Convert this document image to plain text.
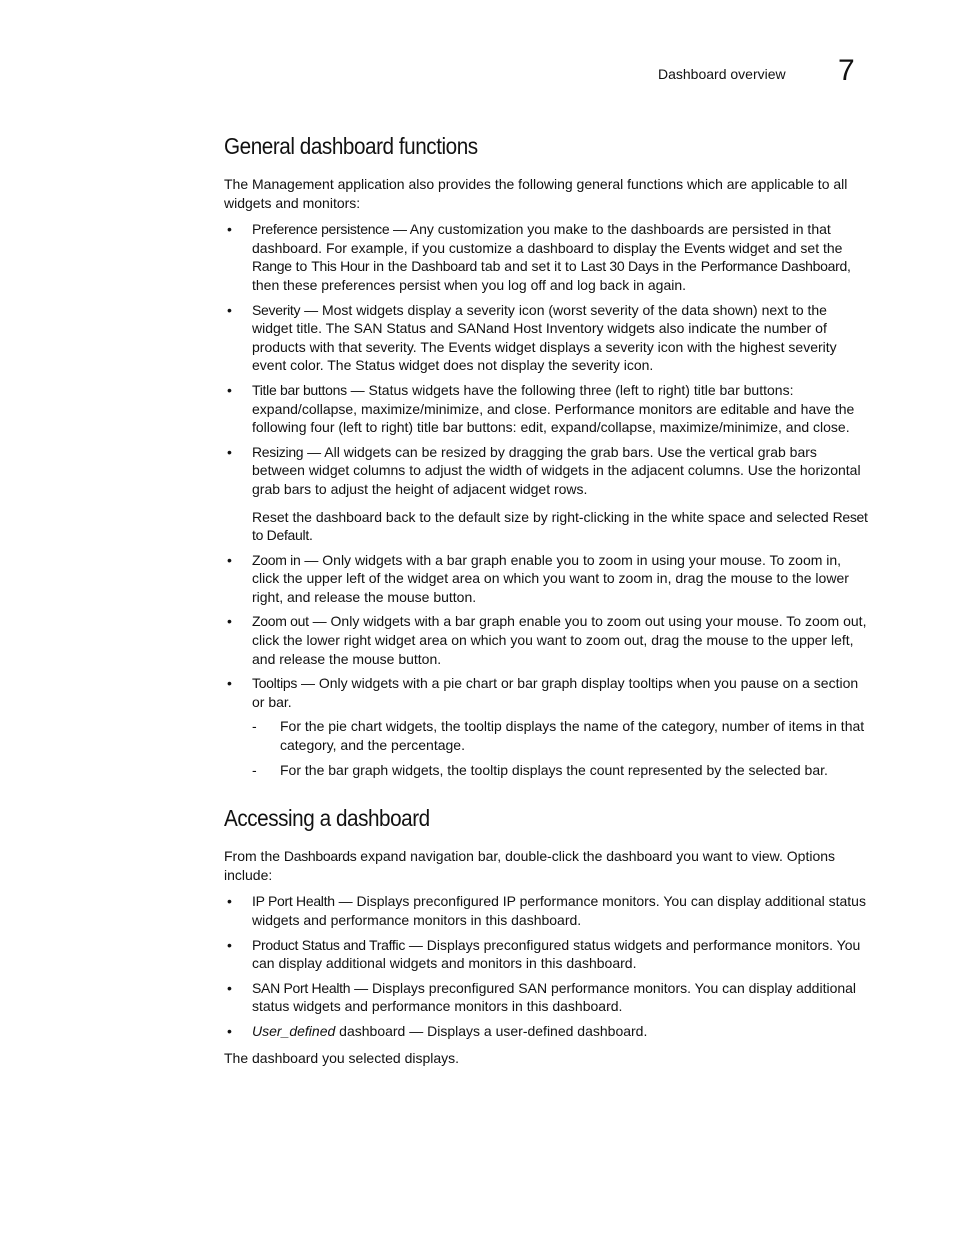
Dashboard overview 7
General dashboard functions

The Management application also provides the following general functions which are applicable to all widgets and monitors:

• Preference persistence — Any customization you make to the dashboards are persisted in that dashboard. For example, if you customize a dashboard to display the Events widget and set the Range to This Hour in the Dashboard tab and set it to Last 30 Days in the Performance Dashboard, then these preferences persist when you log off and log back in again.
• Severity — Most widgets display a severity icon (worst severity of the data shown) next to the widget title. The SAN Status and SANand Host Inventory widgets also indicate the number of products with that severity. The Events widget displays a severity icon with the highest severity event color. The Status widget does not display the severity icon.
• Title bar buttons — Status widgets have the following three (left to right) title bar buttons: expand/collapse, maximize/minimize, and close. Performance monitors are editable and have the following four (left to right) title bar buttons: edit, expand/collapse, maximize/minimize, and close.
• Resizing — All widgets can be resized by dragging the grab bars. Use the vertical grab bars between widget columns to adjust the width of widgets in the adjacent columns. Use the horizontal grab bars to adjust the height of adjacent widget rows.

Reset the dashboard back to the default size by right-clicking in the white space and selected Reset to Default.

• Zoom in — Only widgets with a bar graph enable you to zoom in using your mouse. To zoom in, click the upper left of the widget area on which you want to zoom in, drag the mouse to the lower right, and release the mouse button.
• Zoom out — Only widgets with a bar graph enable you to zoom out using your mouse. To zoom out, click the lower right widget area on which you want to zoom out, drag the mouse to the upper left, and release the mouse button.
• Tooltips — Only widgets with a pie chart or bar graph display tooltips when you pause on a section or bar.
- For the pie chart widgets, the tooltip displays the name of the category, number of items in that category, and the percentage.
- For the bar graph widgets, the tooltip displays the count represented by the selected bar.
Accessing a dashboard

From the Dashboards expand navigation bar, double-click the dashboard you want to view. Options include:

• IP Port Health — Displays preconfigured IP performance monitors. You can display additional status widgets and performance monitors in this dashboard.
• Product Status and Traffic — Displays preconfigured status widgets and performance monitors. You can display additional widgets and monitors in this dashboard.
• SAN Port Health — Displays preconfigured SAN performance monitors. You can display additional status widgets and performance monitors in this dashboard.
• User_defined dashboard — Displays a user-defined dashboard.

The dashboard you selected displays.
